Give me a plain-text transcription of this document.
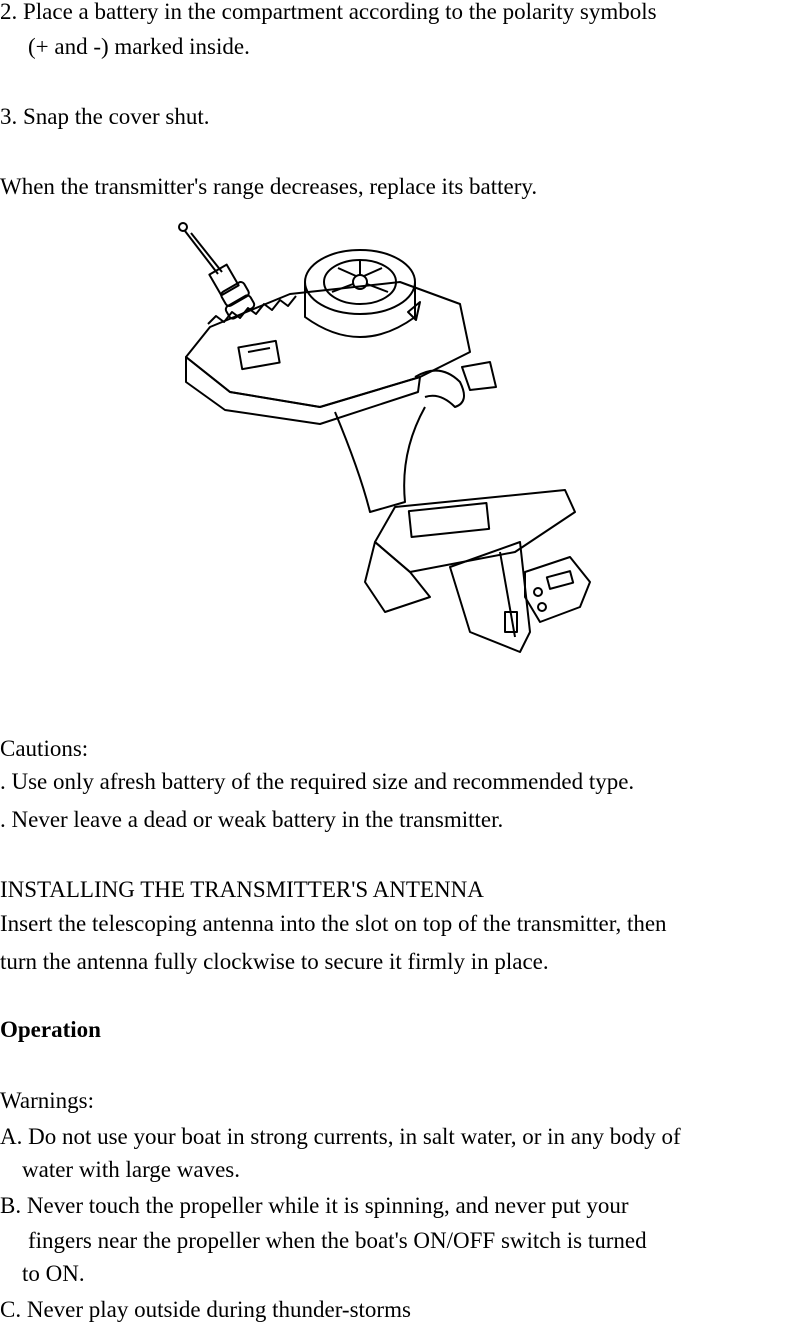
2. Place a battery in the compartment according to the polarity symbols
(+ and -) marked inside.
3. Snap the cover shut.
When the transmitter's range decreases, replace its battery.
Cautions:
. Use only afresh battery of the required size and recommended type.
. Never leave a dead or weak battery in the transmitter.
INSTALLING THE TRANSMITTER'S ANTENNA
Insert the telescoping antenna into the slot on top of the transmitter, then
turn the antenna fully clockwise to secure it firmly in place.
Operation
Warnings:
A. Do not use your boat in strong currents, in salt water, or in any body of
water with large waves.
B. Never touch the propeller while it is spinning, and never put your
fingers near the propeller when the boat's ON/OFF switch is turned
to ON.
C. Never play outside during thunder-storms
